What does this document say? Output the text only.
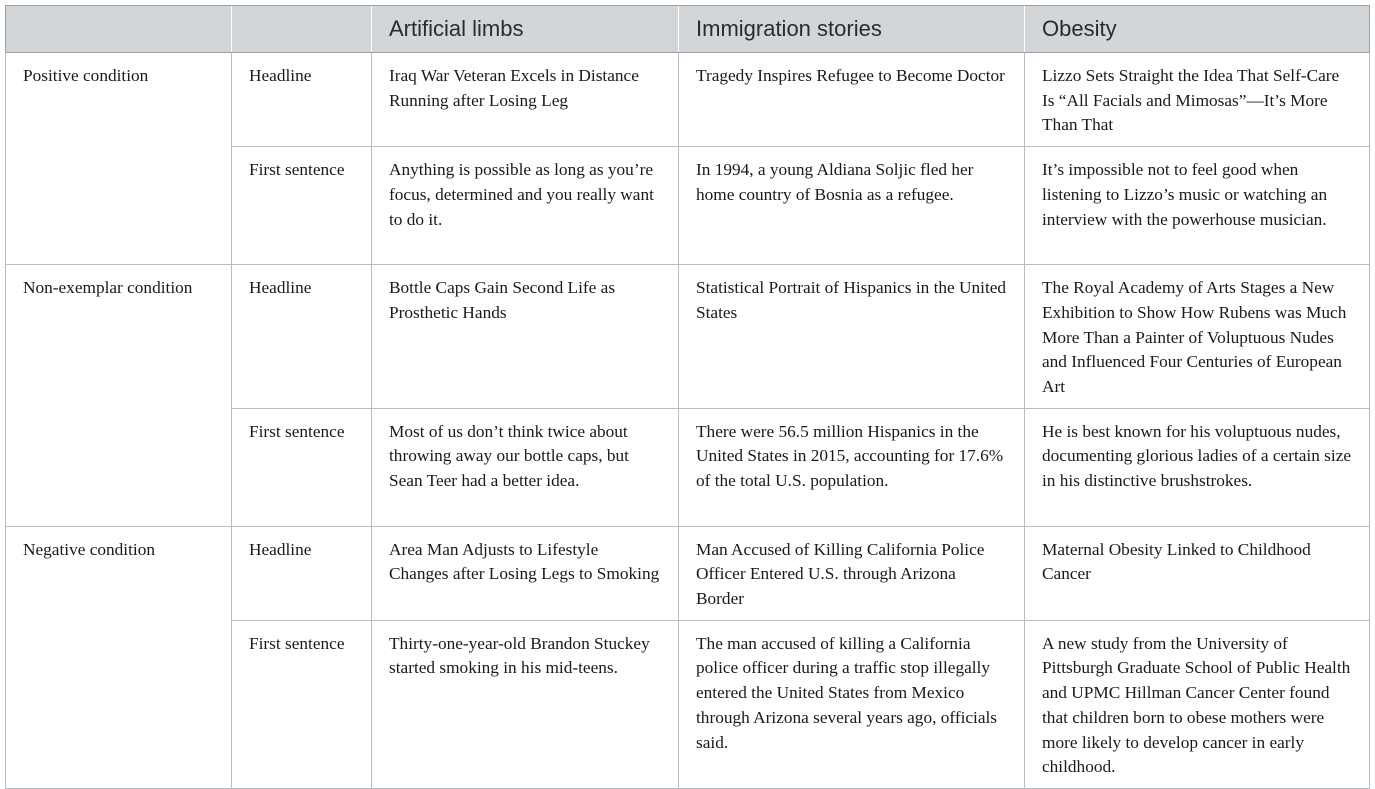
		Artificial limbs	Immigration stories	Obesity
Positive condition	Headline	Iraq War Veteran Excels in Distance Running after Losing Leg	Tragedy Inspires Refugee to Become Doctor	Lizzo Sets Straight the Idea That Self-Care Is “All Facials and Mimosas”—It’s More Than That
	First sentence	Anything is possible as long as you’re focus, determined and you really want to do it.	In 1994, a young Aldiana Soljic fled her home country of Bosnia as a refugee.	It’s impossible not to feel good when listening to Lizzo’s music or watching an interview with the powerhouse musician.
Non-exemplar condition	Headline	Bottle Caps Gain Second Life as Prosthetic Hands	Statistical Portrait of Hispanics in the United States	The Royal Academy of Arts Stages a New Exhibition to Show How Rubens was Much More Than a Painter of Voluptuous Nudes and Influenced Four Centuries of European Art
	First sentence	Most of us don’t think twice about throwing away our bottle caps, but Sean Teer had a better idea.	There were 56.5 million Hispanics in the United States in 2015, accounting for 17.6% of the total U.S. population.	He is best known for his voluptuous nudes, documenting glorious ladies of a certain size in his distinctive brushstrokes.
Negative condition	Headline	Area Man Adjusts to Lifestyle Changes after Losing Legs to Smoking	Man Accused of Killing California Police Officer Entered U.S. through Arizona Border	Maternal Obesity Linked to Childhood Cancer
	First sentence	Thirty-one-year-old Brandon Stuckey started smoking in his mid-teens.	The man accused of killing a California police officer during a traffic stop illegally entered the United States from Mexico through Arizona several years ago, officials said.	A new study from the University of Pittsburgh Graduate School of Public Health and UPMC Hillman Cancer Center found that children born to obese mothers were more likely to develop cancer in early childhood.
